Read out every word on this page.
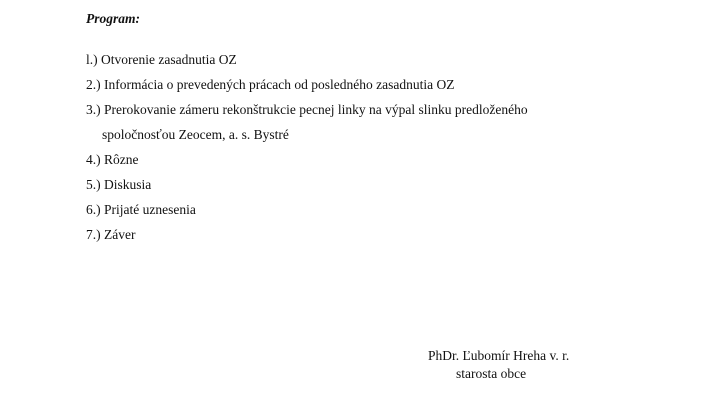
Program:
l.) Otvorenie zasadnutia OZ
2.) Informácia o prevedených prácach od posledného zasadnutia OZ
3.) Prerokovanie zámeru rekonštrukcie pecnej linky na výpal slinku predloženého
spoločnosťou Zeocem, a. s. Bystré
4.) Rôzne
5.) Diskusia
6.) Prijaté uznesenia
7.) Záver
PhDr. Ľubomír Hreha v. r.
starosta obce
